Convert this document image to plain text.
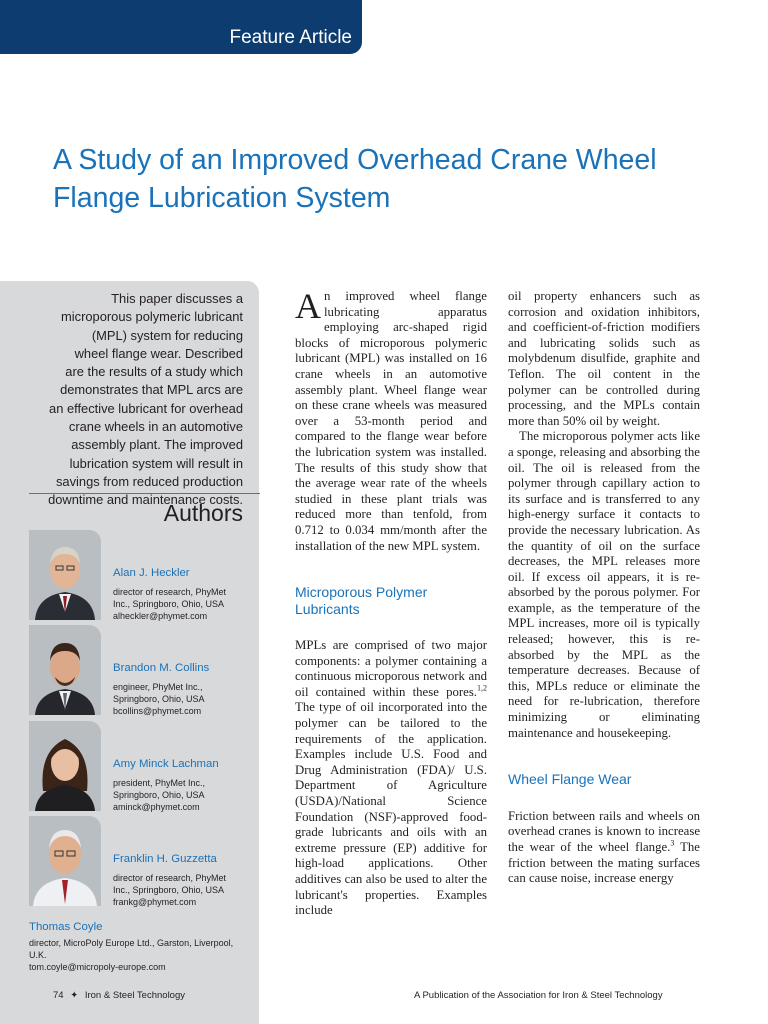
Feature Article
A Study of an Improved Overhead Crane Wheel Flange Lubrication System

This paper discusses a
microporous polymeric lubricant
(MPL) system for reducing
wheel flange wear. Described
are the results of a study which
demonstrates that MPL arcs are
an effective lubricant for overhead
crane wheels in an automotive
assembly plant. The improved
lubrication system will result in
savings from reduced production
downtime and maintenance costs.

Authors
Alan J. Heckler
director of research, PhyMet
Inc., Springboro, Ohio, USA
alheckler@phymet.com
Brandon M. Collins
engineer, PhyMet Inc.,
Springboro, Ohio, USA
bcollins@phymet.com
Amy Minck Lachman
president, PhyMet Inc.,
Springboro, Ohio, USA
aminck@phymet.com
Franklin H. Guzzetta
director of research, PhyMet
Inc., Springboro, Ohio, USA
frankg@phymet.com
Thomas Coyle
director, MicroPoly Europe Ltd., Garston, Liverpool,
U.K.
tom.coyle@micropoly-europe.com

An improved wheel flange lubricating apparatus employing arc-shaped rigid blocks of microporous polymeric lubricant (MPL) was installed on 16 crane wheels in an automotive assembly plant. Wheel flange wear on these crane wheels was measured over a 53-month period and compared to the flange wear before the lubrication system was installed. The results of this study show that the average wear rate of the wheels studied in these plant trials was reduced more than tenfold, from 0.712 to 0.034 mm/month after the installation of the new MPL system.

Microporous Polymer Lubricants

MPLs are comprised of two major components: a polymer containing a continuous microporous network and oil contained within these pores.$^{1,2}$ The type of oil incorporated into the polymer can be tailored to the requirements of the application. Examples include U.S. Food and Drug Administration (FDA)/ U.S. Department of Agriculture (USDA)/National Science Foundation (NSF)-approved food-grade lubricants and oils with an extreme pressure (EP) additive for high-load applications. Other additives can also be used to alter the lubricant's properties. Examples include

oil property enhancers such as corrosion and oxidation inhibitors, and coefficient-of-friction modifiers and lubricating solids such as molybdenum disulfide, graphite and Teflon. The oil content in the polymer can be controlled during processing, and the MPLs contain more than 50% oil by weight.

The microporous polymer acts like a sponge, releasing and absorbing the oil. The oil is released from the polymer through capillary action to its surface and is transferred to any high-energy surface it contacts to provide the necessary lubrication. As the quantity of oil on the surface decreases, the MPL releases more oil. If excess oil appears, it is re-absorbed by the porous polymer. For example, as the temperature of the MPL increases, more oil is typically released; however, this is re-absorbed by the MPL as the temperature decreases. Because of this, MPLs reduce or eliminate the need for re-lubrication, therefore minimizing or eliminating maintenance and housekeeping.

Wheel Flange Wear

Friction between rails and wheels on overhead cranes is known to increase the wear of the wheel flange.$^3$ The friction between the mating surfaces can cause noise, increase energy

74 ✦ Iron & Steel Technology	A Publication of the Association for Iron & Steel Technology
